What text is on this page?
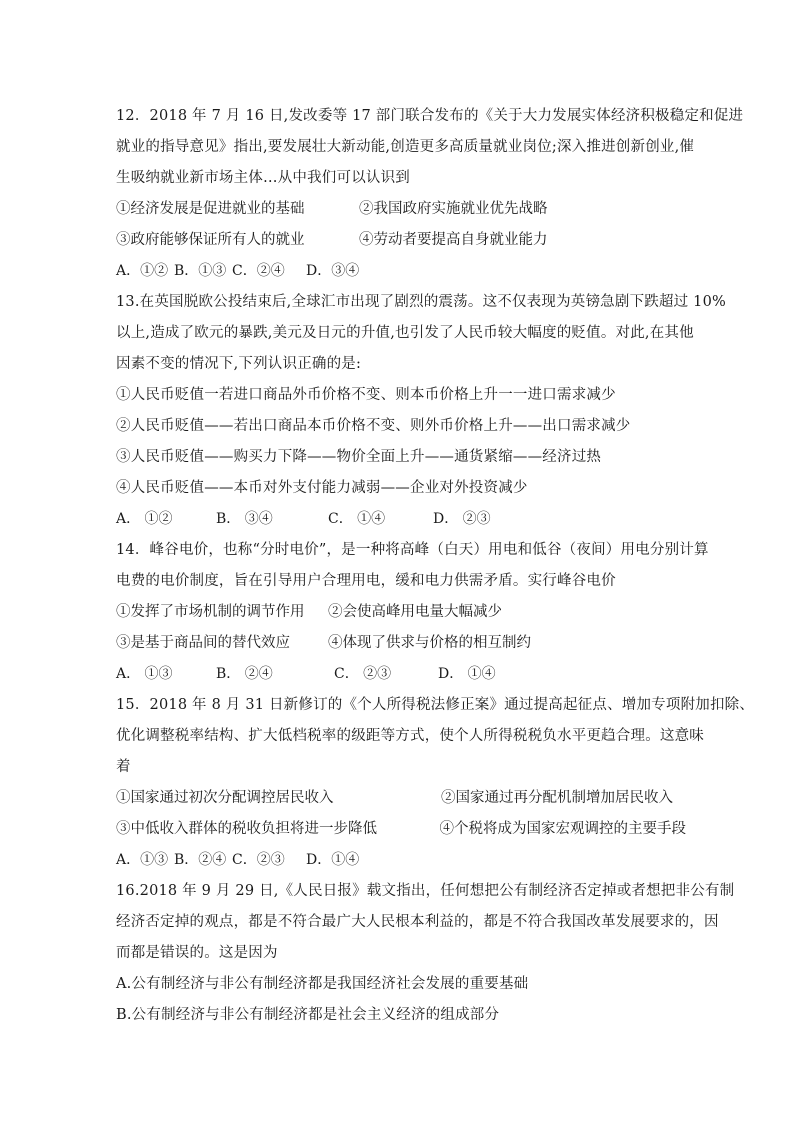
12．2018 年 7 月 16 日,发改委等 17 部门联合发布的《关于大力发展实体经济积极稳定和促进
就业的指导意见》指出,要发展壮大新动能,创造更多高质量就业岗位;深入推进创新创业,催
生吸纳就业新市场主体…从中我们可以认识到
①经济发展是促进就业的基础	②我国政府实施就业优先战略
③政府能够保证所有人的就业	④劳动者要提高自身就业能力
A．①② B．①③ C．②④	D．③④
13.在英国脱欧公投结束后,全球汇市出现了剧烈的震荡。这不仅表现为英镑急剧下跌超过 10%
以上,造成了欧元的暴跌,美元及日元的升值,也引发了人民币较大幅度的贬值。对此,在其他
因素不变的情况下,下列认识正确的是:
①人民币贬值一若进口商品外币价格不变、则本币价格上升一一进口需求减少
②人民币贬值——若出口商品本币价格不变、则外币价格上升——出口需求减少
③人民币贬值——购买力下降——物价全面上升——通货紧缩——经济过热
④人民币贬值——本币对外支付能力减弱——企业对外投资减少
A． ①②	B． ③④	C． ①④	D． ②③
14．峰谷电价，也称“分时电价”，是一种将高峰（白天）用电和低谷（夜间）用电分别计算
电费的电价制度，旨在引导用户合理用电，缓和电力供需矛盾。实行峰谷电价
①发挥了市场机制的调节作用	②会使高峰用电量大幅减少
③是基于商品间的替代效应	④体现了供求与价格的相互制约
A． ①③	B． ②④	C． ②③	D． ①④
15．2018 年 8 月 31 日新修订的《个人所得税法修正案》通过提高起征点、增加专项附加扣除、
优化调整税率结构、扩大低档税率的级距等方式，使个人所得税税负水平更趋合理。这意味
着
①国家通过初次分配调控居民收入	②国家通过再分配机制增加居民收入
③中低收入群体的税收负担将进一步降低	④个税将成为国家宏观调控的主要手段
A．①③ B．②④ C．②③	D．①④
16.2018 年 9 月 29 日,《人民日报》载文指出，任何想把公有制经济否定掉或者想把非公有制
经济否定掉的观点，都是不符合最广大人民根本利益的，都是不符合我国改革发展要求的，因
而都是错误的。这是因为
A.公有制经济与非公有制经济都是我国经济社会发展的重要基础
B.公有制经济与非公有制经济都是社会主义经济的组成部分
